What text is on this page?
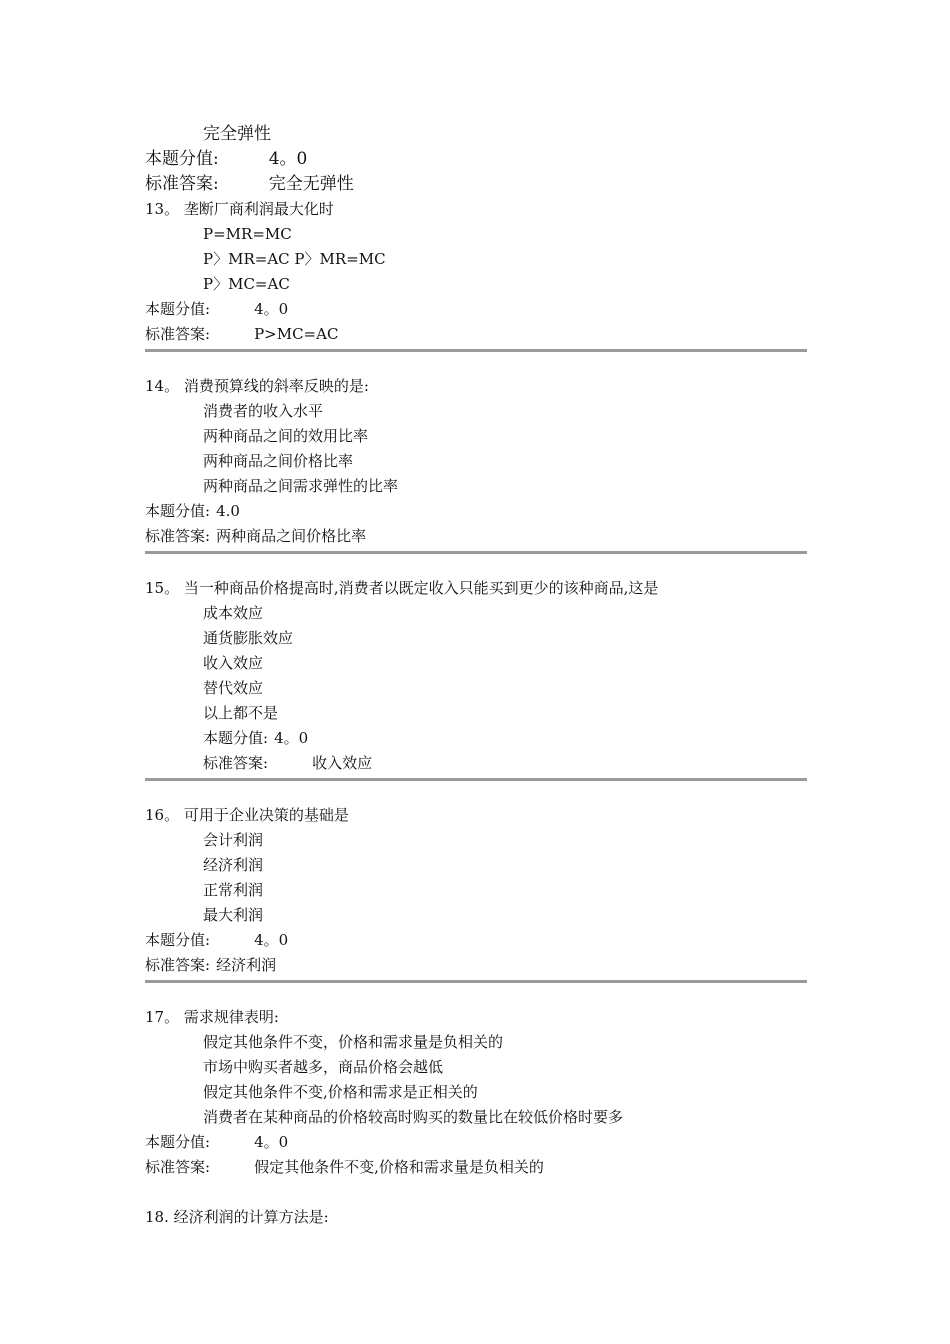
完全弹性
本题分值:	4。0
标准答案:	完全无弹性
13。 垄断厂商利润最大化时
P=MR=MC
P〉MR=AC P〉MR=MC
P〉MC=AC
本题分值:	4。0
标准答案:	P>MC=AC
14。 消费预算线的斜率反映的是:
消费者的收入水平
两种商品之间的效用比率
两种商品之间价格比率
两种商品之间需求弹性的比率
本题分值: 4.0
标准答案: 两种商品之间价格比率
15。 当一种商品价格提高时,消费者以既定收入只能买到更少的该种商品,这是
成本效应
通货膨胀效应
收入效应
替代效应
以上都不是
本题分值: 4。0
标准答案:	收入效应
16。 可用于企业决策的基础是
会计利润
经济利润
正常利润
最大利润
本题分值:	4。0
标准答案: 经济利润
17。 需求规律表明:
假定其他条件不变，价格和需求量是负相关的
市场中购买者越多，商品价格会越低
假定其他条件不变,价格和需求是正相关的
消费者在某种商品的价格较高时购买的数量比在较低价格时要多
本题分值:	4。0
标准答案:	假定其他条件不变,价格和需求量是负相关的
18. 经济利润的计算方法是:
